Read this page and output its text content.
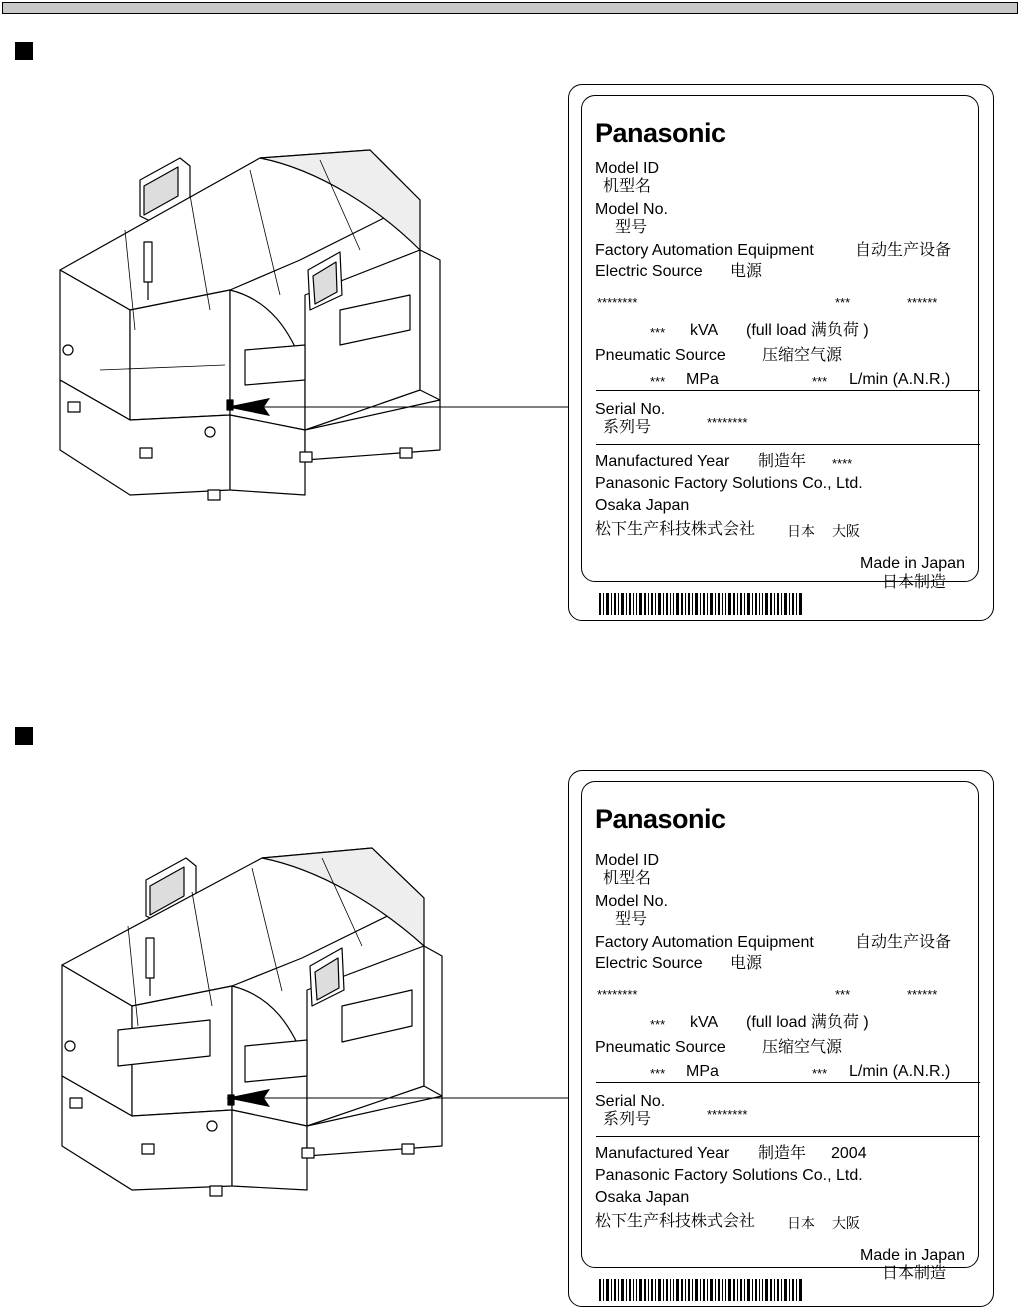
Panasonic
Model ID
机型名
Model No.
型号
Factory Automation Equipment	自动生产设备
Electric Source 电源
********	***	******
*** kVA (full load 满负荷 )
Pneumatic Source 压缩空气源
*** MPa	*** L/min (A.N.R.)
Serial No.
系列号	********
Manufactured Year 制造年 ****
Panasonic Factory Solutions Co., Ltd.
Osaka Japan
松下生产科技株式会社 日本 大阪
Made in Japan
日本制造
Panasonic
Model ID
机型名
Model No.
型号
Factory Automation Equipment	自动生产设备
Electric Source 电源
********	***	******
*** kVA (full load 满负荷 )
Pneumatic Source 压缩空气源
*** MPa	*** L/min (A.N.R.)
Serial No.
系列号	********
Manufactured Year 制造年 2004
Panasonic Factory Solutions Co., Ltd.
Osaka Japan
松下生产科技株式会社 日本 大阪
Made in Japan
日本制造
